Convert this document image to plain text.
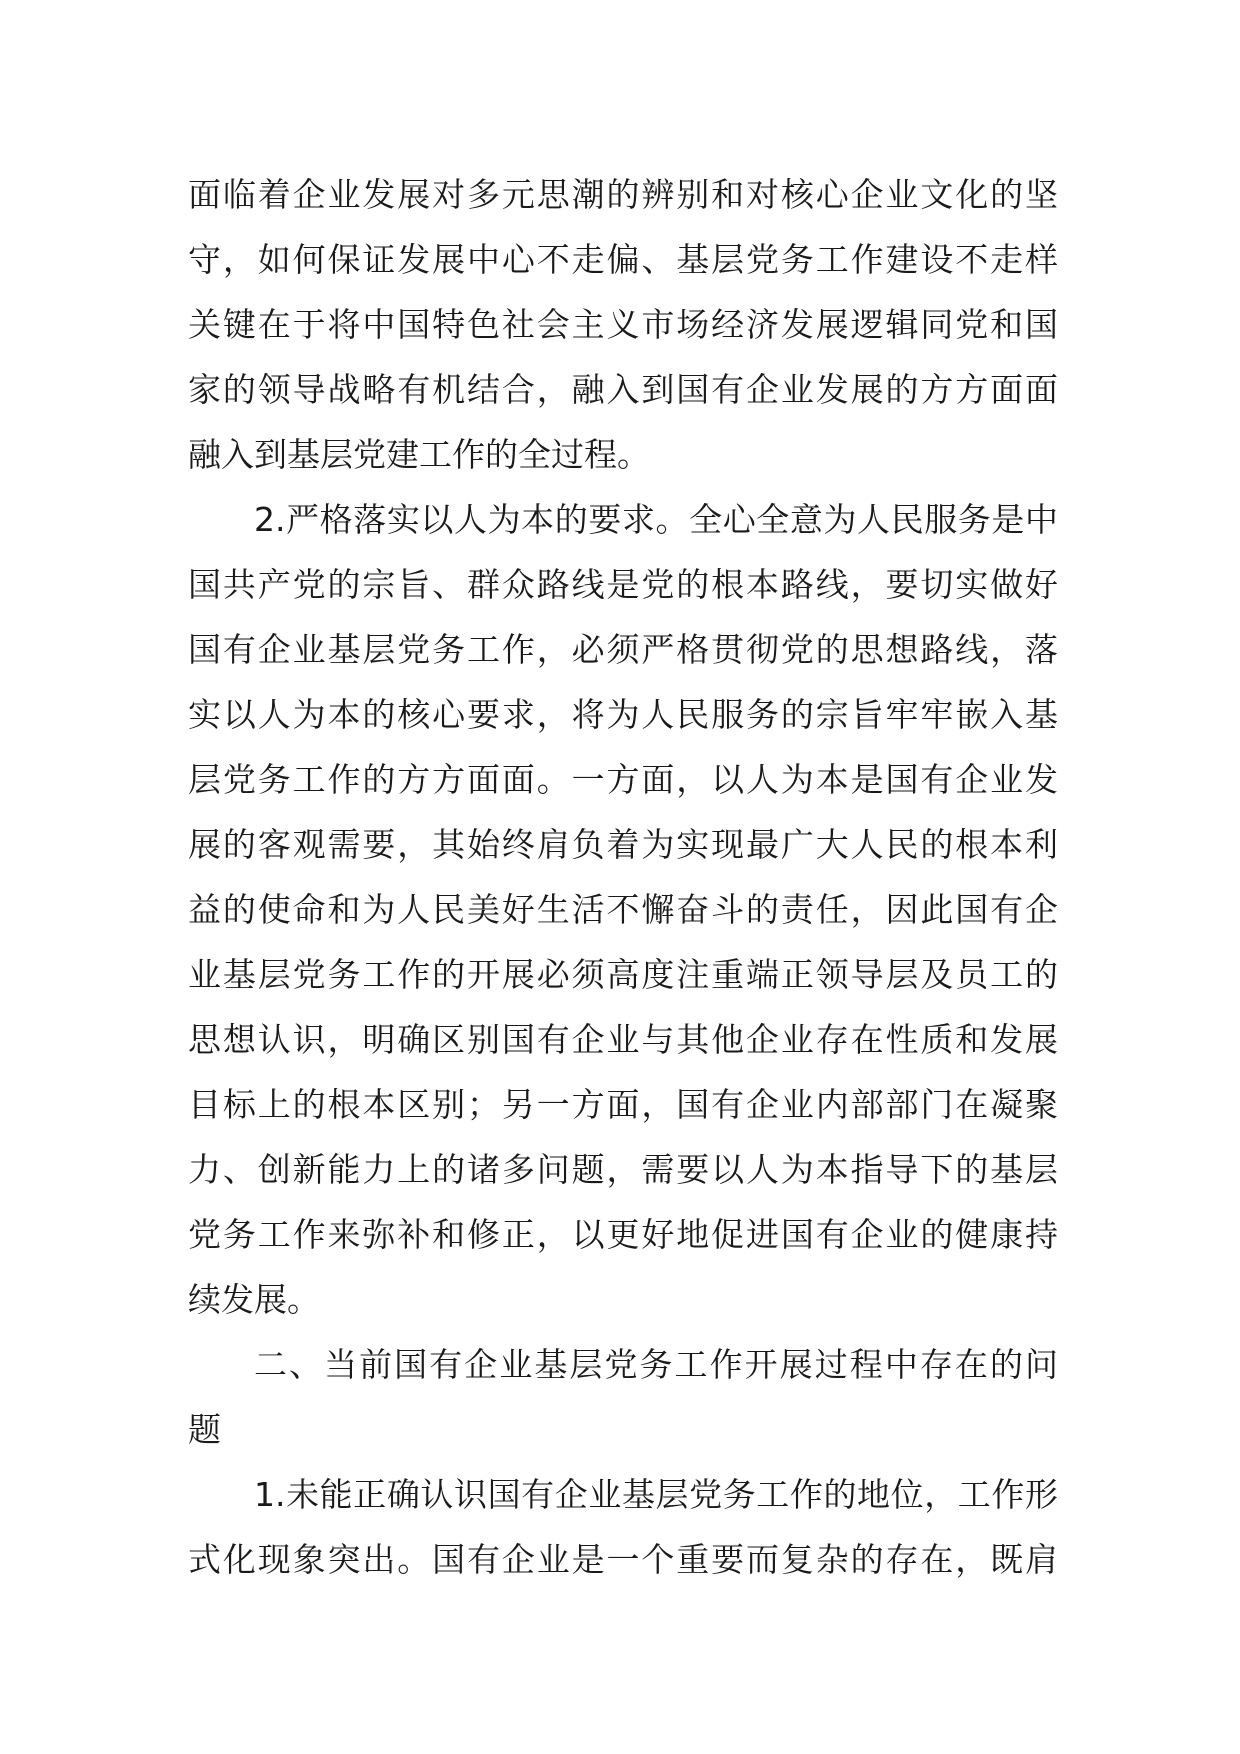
面临着企业发展对多元思潮的辨别和对核心企业文化的坚
守，如何保证发展中心不走偏、基层党务工作建设不走样
关键在于将中国特色社会主义市场经济发展逻辑同党和国
家的领导战略有机结合，融入到国有企业发展的方方面面
融入到基层党建工作的全过程。
2.严格落实以人为本的要求。全心全意为人民服务是中
国共产党的宗旨、群众路线是党的根本路线，要切实做好
国有企业基层党务工作，必须严格贯彻党的思想路线，落
实以人为本的核心要求，将为人民服务的宗旨牢牢嵌入基
层党务工作的方方面面。一方面，以人为本是国有企业发
展的客观需要，其始终肩负着为实现最广大人民的根本利
益的使命和为人民美好生活不懈奋斗的责任，因此国有企
业基层党务工作的开展必须高度注重端正领导层及员工的
思想认识，明确区别国有企业与其他企业存在性质和发展
目标上的根本区别；另一方面，国有企业内部部门在凝聚
力、创新能力上的诸多问题，需要以人为本指导下的基层
党务工作来弥补和修正，以更好地促进国有企业的健康持
续发展。
二、当前国有企业基层党务工作开展过程中存在的问
题
1.未能正确认识国有企业基层党务工作的地位，工作形
式化现象突出。国有企业是一个重要而复杂的存在，既肩
